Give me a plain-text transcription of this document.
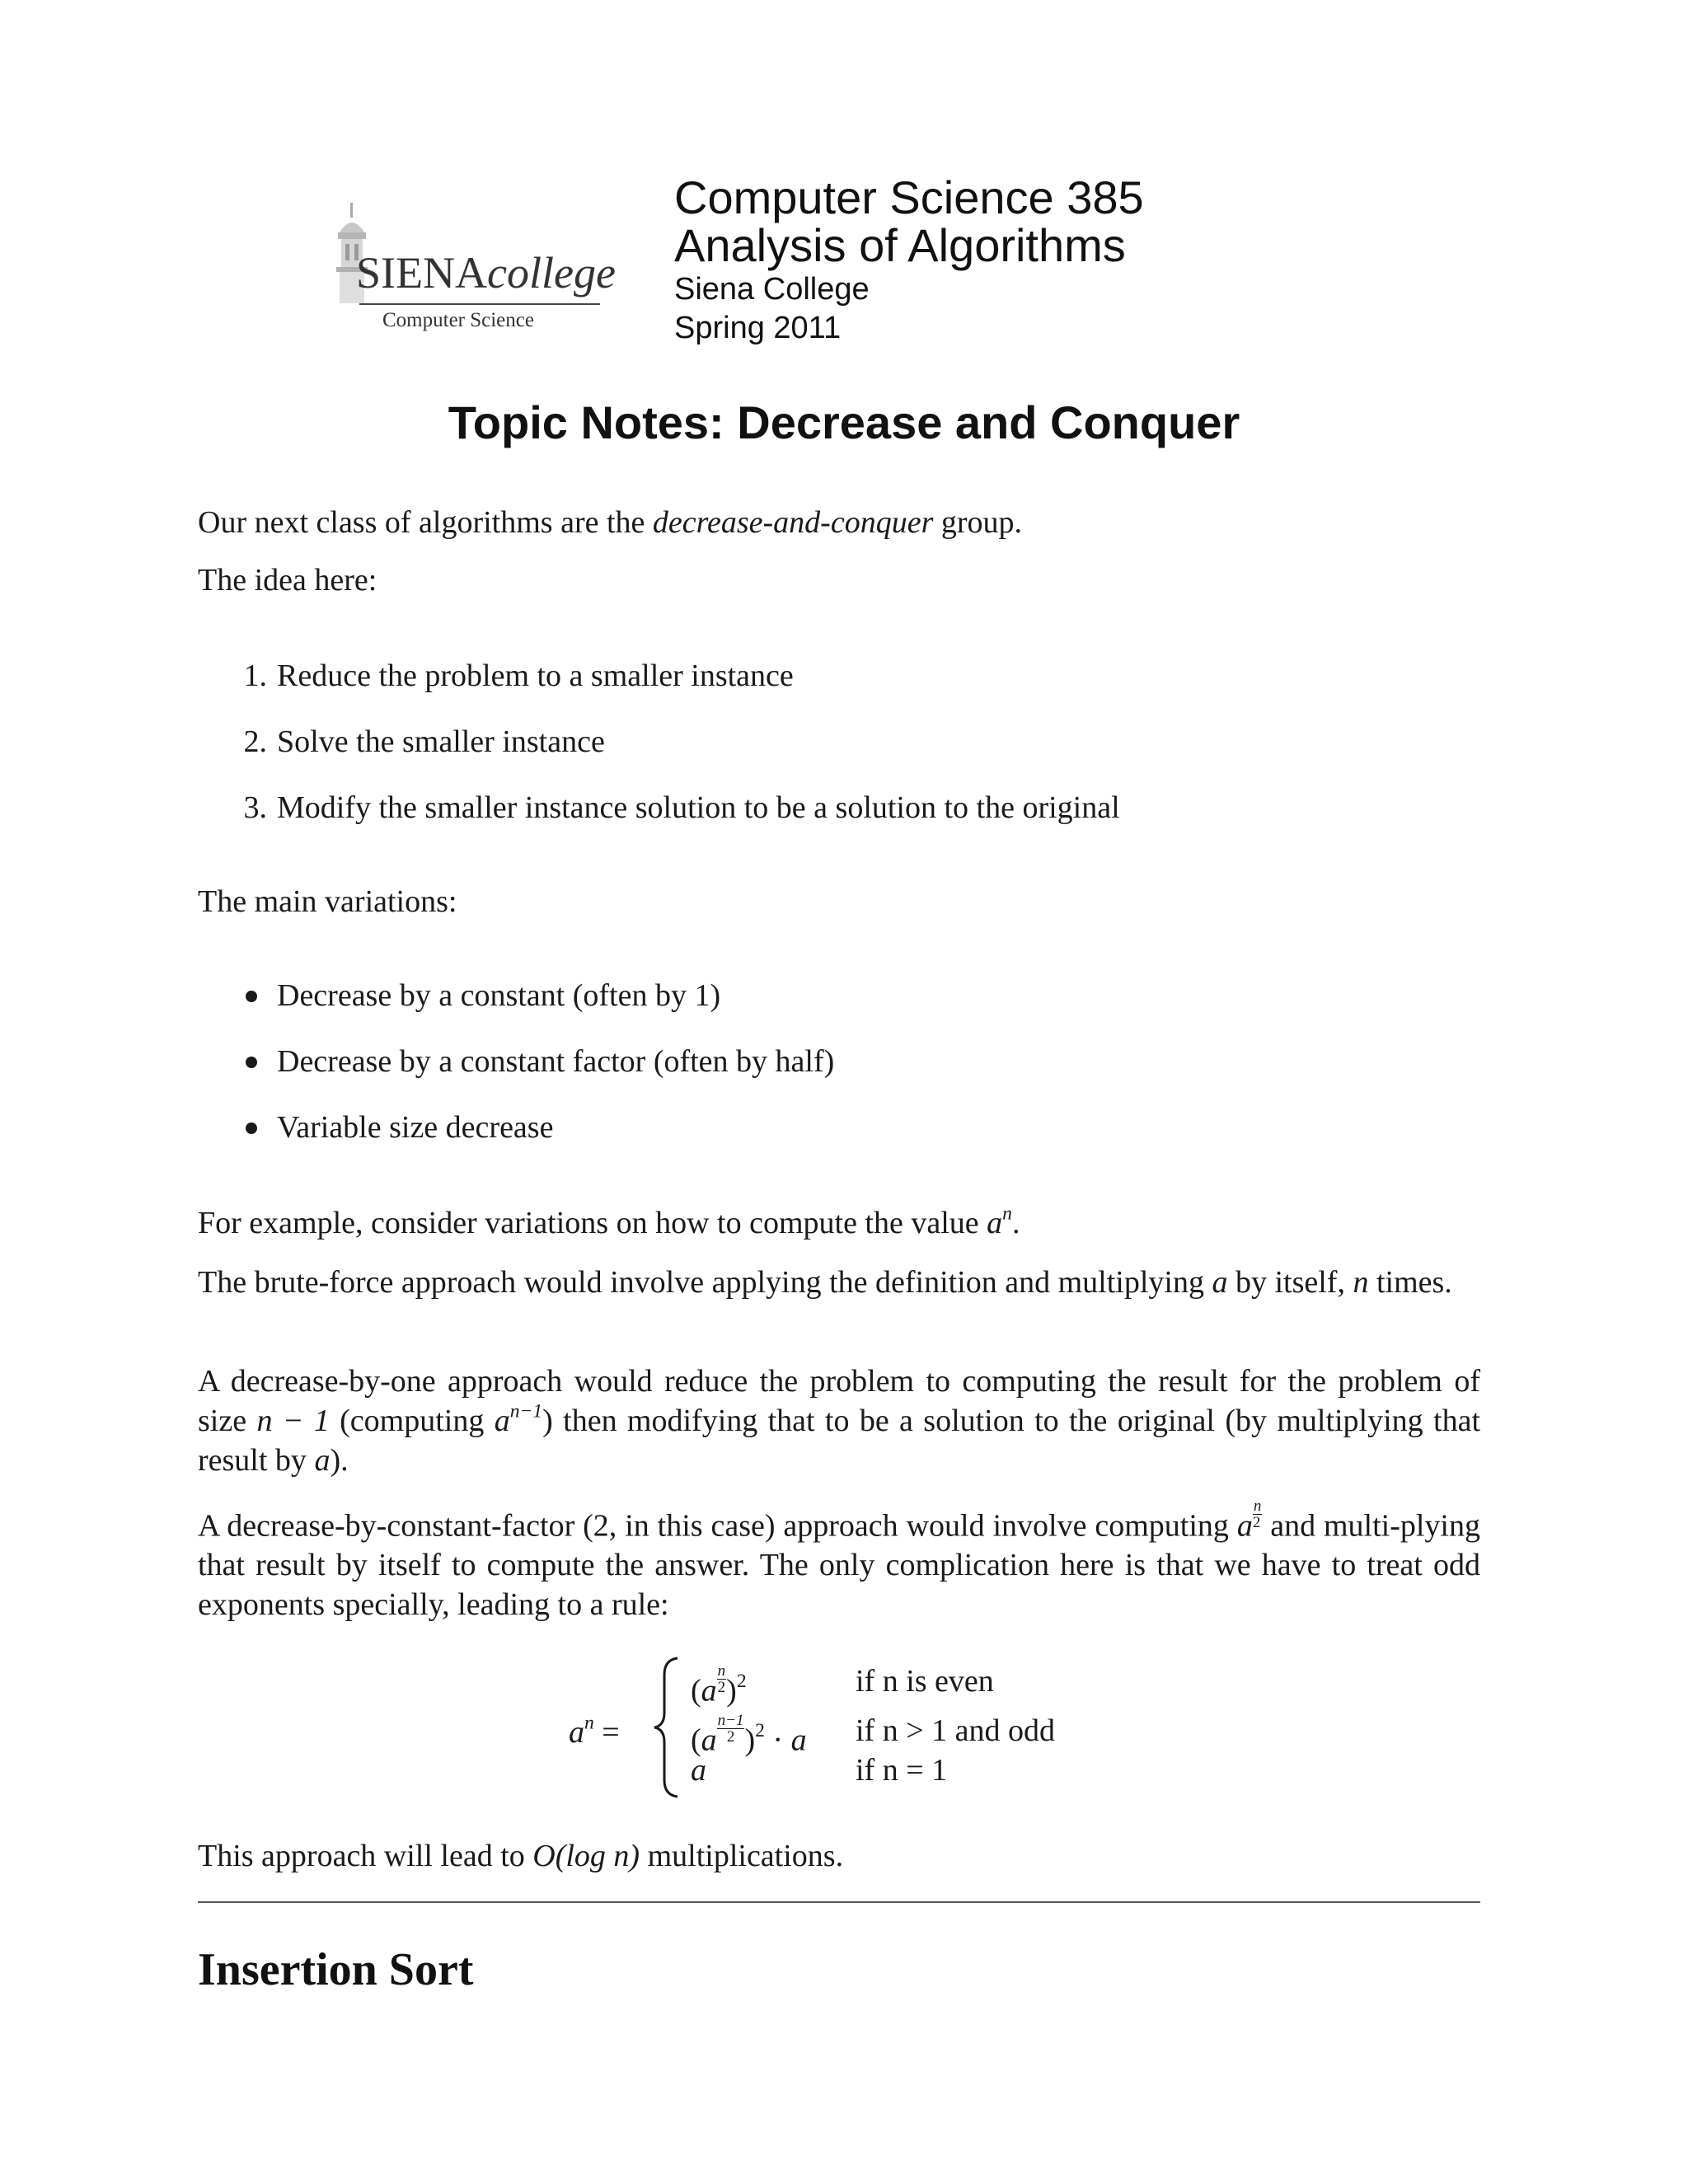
SIENAcollege
Computer Science
Computer Science 385
Analysis of Algorithms
Siena College
Spring 2011
Topic Notes: Decrease and Conquer
Our next class of algorithms are the decrease-and-conquer group.
The idea here:
1. Reduce the problem to a smaller instance
2. Solve the smaller instance
3. Modify the smaller instance solution to be a solution to the original
The main variations:
Decrease by a constant (often by 1)
Decrease by a constant factor (often by half)
Variable size decrease
For example, consider variations on how to compute the value $a^n$.
The brute-force approach would involve applying the definition and multiplying a by itself, n times.
A decrease-by-one approach would reduce the problem to computing the result for the problem of size n − 1 (computing $a^{n-1}$) then modifying that to be a solution to the original (by multiplying that result by a).
A decrease-by-constant-factor (2, in this case) approach would involve computing a $\frac{n}{2}$ and multi-plying that result by itself to compute the answer. The only complication here is that we have to treat odd exponents specially, leading to a rule:
$a^n$ =
$(a \frac{n}{2} )^2$	if n is even
$(a \frac{n-1}{2} )^2 \cdot a$ if n > 1 and odd
a	if n = 1
This approach will lead to O(log n) multiplications.
Insertion Sort
